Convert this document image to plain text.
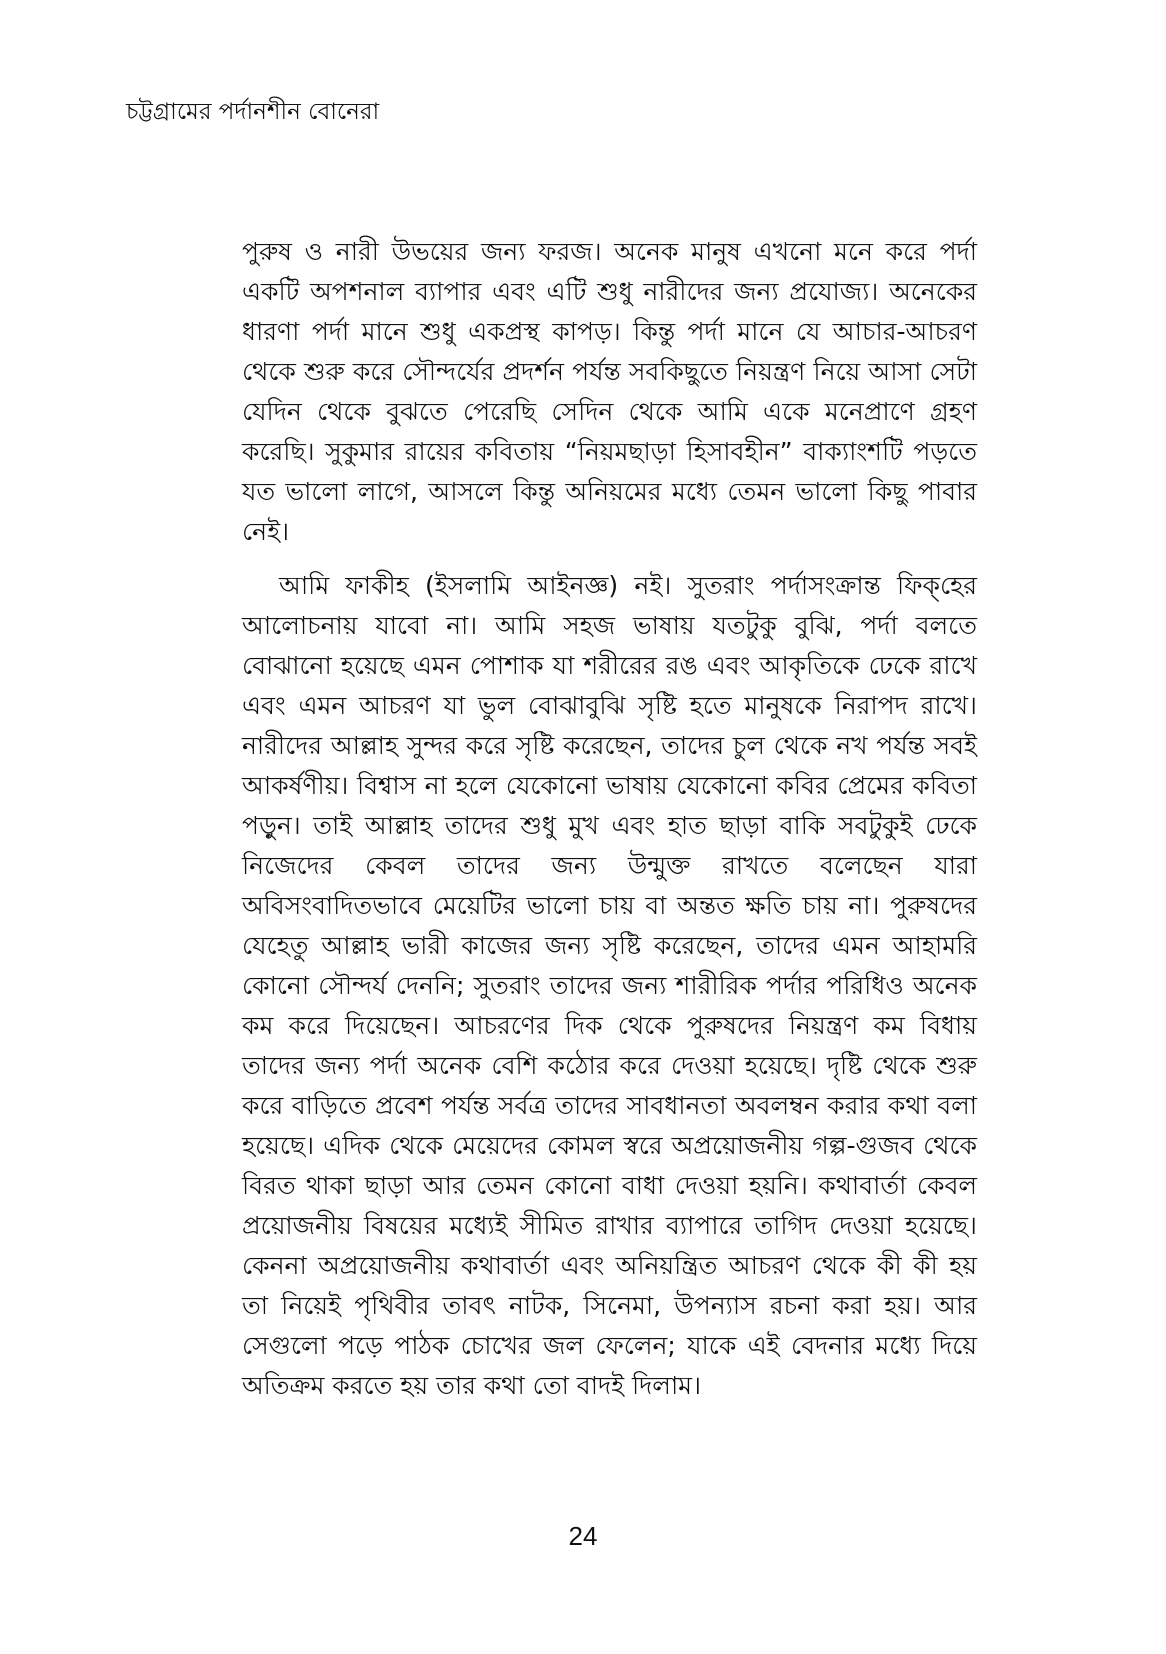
চট্টগ্রামের পর্দানশীন বোনেরা

পুরুষ ও নারী উভয়ের জন্য ফরজ। অনেক মানুষ এখনো মনে করে পর্দা একটি অপশনাল ব্যাপার এবং এটি শুধু নারীদের জন্য প্রযোজ্য। অনেকের ধারণা পর্দা মানে শুধু একপ্রস্থ কাপড়। কিন্তু পর্দা মানে যে আচার-আচরণ থেকে শুরু করে সৌন্দর্যের প্রদর্শন পর্যন্ত সবকিছুতে নিয়ন্ত্রণ নিয়ে আসা সেটা যেদিন থেকে বুঝতে পেরেছি সেদিন থেকে আমি একে মনেপ্রাণে গ্রহণ করেছি। সুকুমার রায়ের কবিতায় “নিয়মছাড়া হিসাবহীন” বাক্যাংশটি পড়তে যত ভালো লাগে, আসলে কিন্তু অনিয়মের মধ্যে তেমন ভালো কিছু পাবার নেই।

আমি ফাকীহ (ইসলামি আইনজ্ঞ) নই। সুতরাং পর্দাসংক্রান্ত ফিক্‌হের আলোচনায় যাবো না। আমি সহজ ভাষায় যতটুকু বুঝি, পর্দা বলতে বোঝানো হয়েছে এমন পোশাক যা শরীরের রঙ এবং আকৃতিকে ঢেকে রাখে এবং এমন আচরণ যা ভুল বোঝাবুঝি সৃষ্টি হতে মানুষকে নিরাপদ রাখে। নারীদের আল্লাহ সুন্দর করে সৃষ্টি করেছেন, তাদের চুল থেকে নখ পর্যন্ত সবই আকর্ষণীয়। বিশ্বাস না হলে যেকোনো ভাষায় যেকোনো কবির প্রেমের কবিতা পড়ুন। তাই আল্লাহ তাদের শুধু মুখ এবং হাত ছাড়া বাকি সবটুকুই ঢেকে নিজেদের কেবল তাদের জন্য উন্মুক্ত রাখতে বলেছেন যারা অবিসংবাদিতভাবে মেয়েটির ভালো চায় বা অন্তত ক্ষতি চায় না। পুরুষদের যেহেতু আল্লাহ ভারী কাজের জন্য সৃষ্টি করেছেন, তাদের এমন আহামরি কোনো সৌন্দর্য দেননি; সুতরাং তাদের জন্য শারীরিক পর্দার পরিধিও অনেক কম করে দিয়েছেন। আচরণের দিক থেকে পুরুষদের নিয়ন্ত্রণ কম বিধায় তাদের জন্য পর্দা অনেক বেশি কঠোর করে দেওয়া হয়েছে। দৃষ্টি থেকে শুরু করে বাড়িতে প্রবেশ পর্যন্ত সর্বত্র তাদের সাবধানতা অবলম্বন করার কথা বলা হয়েছে। এদিক থেকে মেয়েদের কোমল স্বরে অপ্রয়োজনীয় গল্প-গুজব থেকে বিরত থাকা ছাড়া আর তেমন কোনো বাধা দেওয়া হয়নি। কথাবার্তা কেবল প্রয়োজনীয় বিষয়ের মধ্যেই সীমিত রাখার ব্যাপারে তাগিদ দেওয়া হয়েছে। কেননা অপ্রয়োজনীয় কথাবার্তা এবং অনিয়ন্ত্রিত আচরণ থেকে কী কী হয় তা নিয়েই পৃথিবীর তাবৎ নাটক, সিনেমা, উপন্যাস রচনা করা হয়। আর সেগুলো পড়ে পাঠক চোখের জল ফেলেন; যাকে এই বেদনার মধ্যে দিয়ে অতিক্রম করতে হয় তার কথা তো বাদই দিলাম।

24
